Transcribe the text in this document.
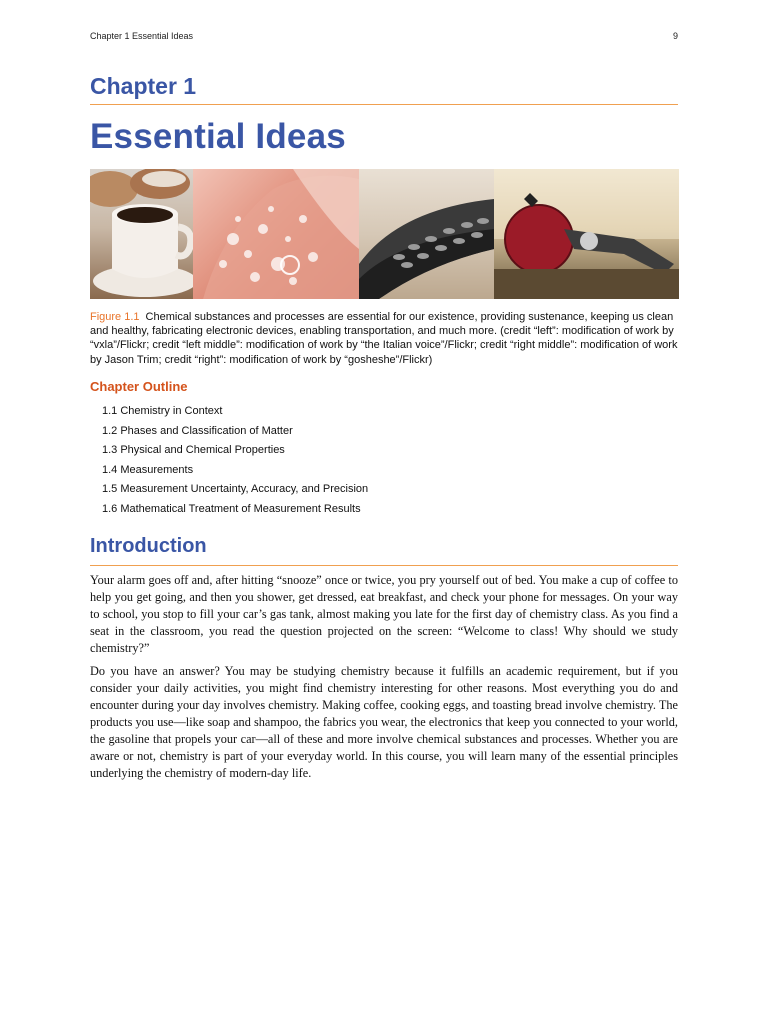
Chapter 1 Essential Ideas	9
Chapter 1
Essential Ideas

Figure 1.1 Chemical substances and processes are essential for our existence, providing sustenance, keeping us clean and healthy, fabricating electronic devices, enabling transportation, and much more. (credit “left”: modification of work by “vxla”/Flickr; credit “left middle”: modification of work by “the Italian voice”/Flickr; credit “right middle”: modification of work by Jason Trim; credit “right”: modification of work by “gosheshe”/Flickr)

Chapter Outline
1.1 Chemistry in Context
1.2 Phases and Classification of Matter
1.3 Physical and Chemical Properties
1.4 Measurements
1.5 Measurement Uncertainty, Accuracy, and Precision
1.6 Mathematical Treatment of Measurement Results
Introduction

Your alarm goes off and, after hitting “snooze” once or twice, you pry yourself out of bed. You make a cup of coffee to help you get going, and then you shower, get dressed, eat breakfast, and check your phone for messages. On your way to school, you stop to fill your car’s gas tank, almost making you late for the first day of chemistry class. As you find a seat in the classroom, you read the question projected on the screen: “Welcome to class! Why should we study chemistry?”

Do you have an answer? You may be studying chemistry because it fulfills an academic requirement, but if you consider your daily activities, you might find chemistry interesting for other reasons. Most everything you do and encounter during your day involves chemistry. Making coffee, cooking eggs, and toasting bread involve chemistry. The products you use—like soap and shampoo, the fabrics you wear, the electronics that keep you connected to your world, the gasoline that propels your car—all of these and more involve chemical substances and processes. Whether you are aware or not, chemistry is part of your everyday world. In this course, you will learn many of the essential principles underlying the chemistry of modern-day life.
